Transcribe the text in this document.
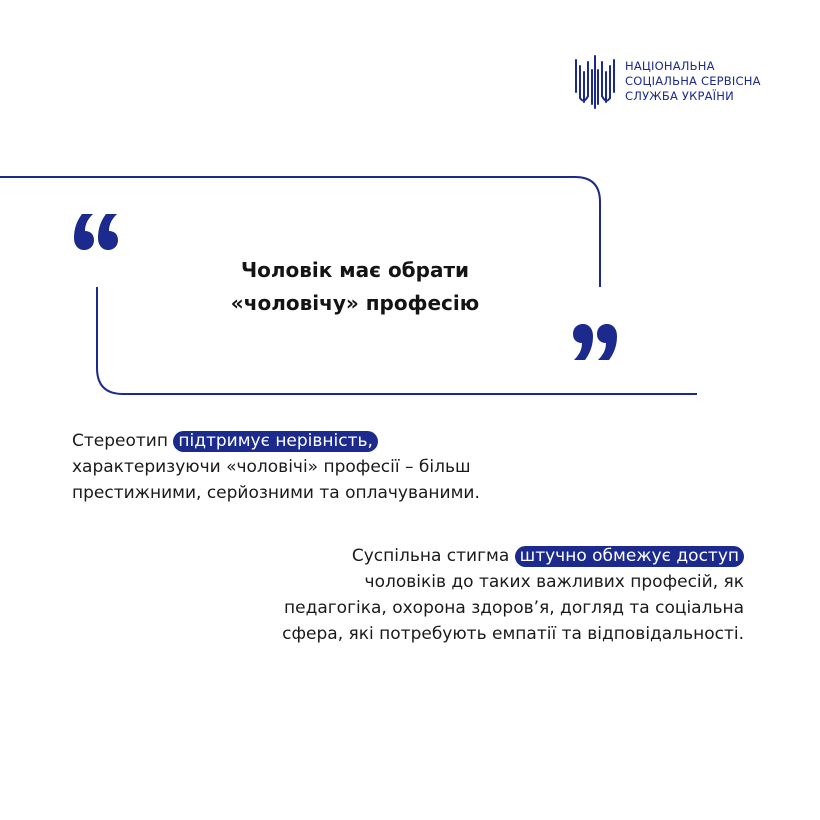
НАЦІОНАЛЬНА
СОЦІАЛЬНА СЕРВІСНА
СЛУЖБА УКРАЇНИ
Чоловік має обрати
«чоловічу» професію
Стереотип підтримує нерівність,
характеризуючи «чоловічі» професії – більш
престижними, серйозними та оплачуваними.
Суспільна стигма штучно обмежує доступ
чоловіків до таких важливих професій, як
педагогіка, охорона здоров’я, догляд та соціальна
сфера, які потребують емпатії та відповідальності.
